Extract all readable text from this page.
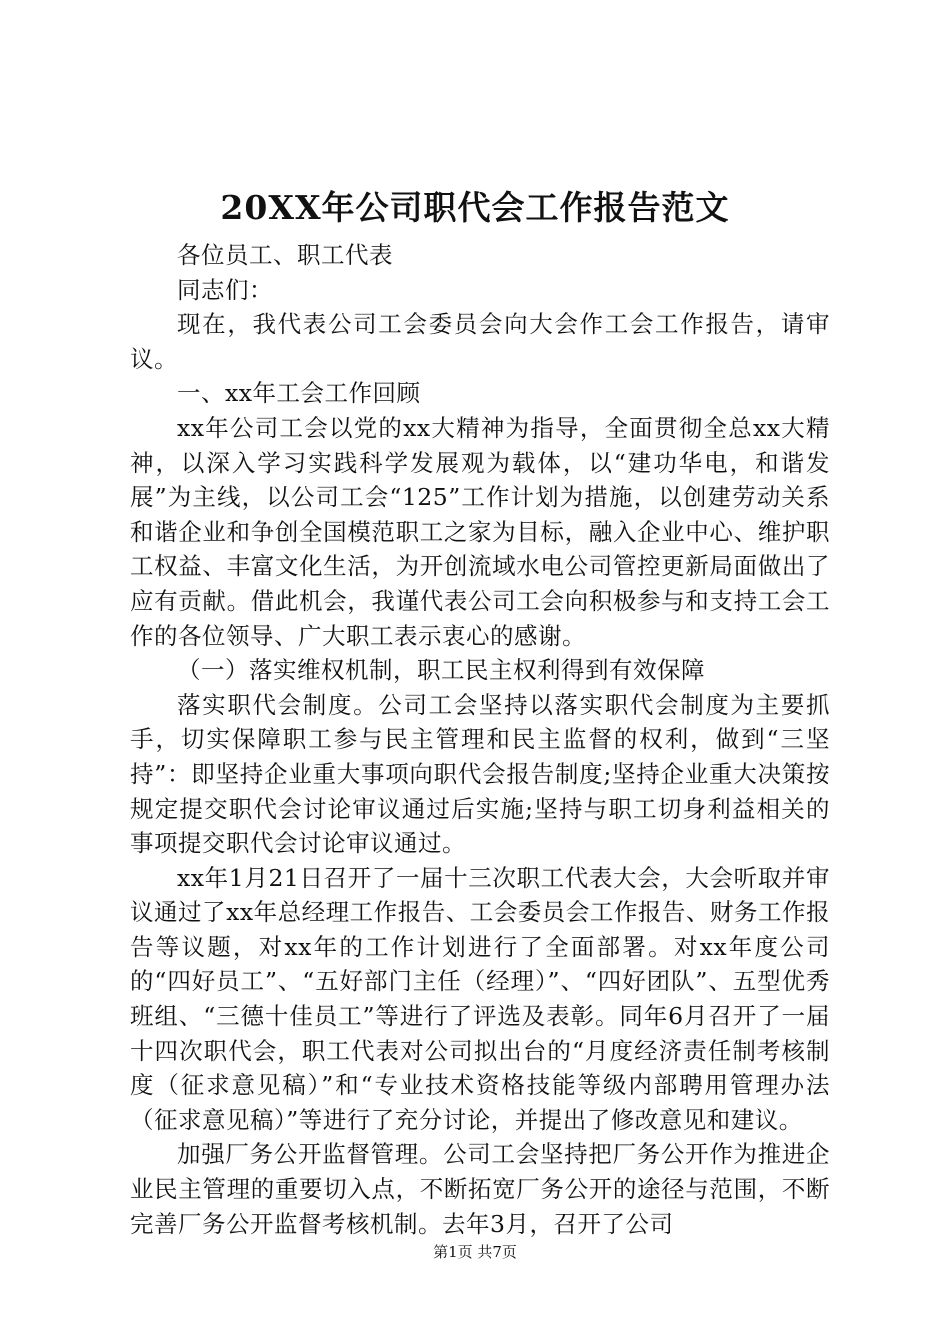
20XX年公司职代会工作报告范文

各位员工、职工代表

同志们：

现在，我代表公司工会委员会向大会作工会工作报告，请审议。

一、xx年工会工作回顾

xx年公司工会以党的xx大精神为指导，全面贯彻全总xx大精神，以深入学习实践科学发展观为载体，以“建功华电，和谐发展”为主线，以公司工会“125”工作计划为措施，以创建劳动关系和谐企业和争创全国模范职工之家为目标，融入企业中心、维护职工权益、丰富文化生活，为开创流域水电公司管控更新局面做出了应有贡献。借此机会，我谨代表公司工会向积极参与和支持工会工作的各位领导、广大职工表示衷心的感谢。

（一）落实维权机制，职工民主权利得到有效保障

落实职代会制度。公司工会坚持以落实职代会制度为主要抓手，切实保障职工参与民主管理和民主监督的权利，做到“三坚持”：即坚持企业重大事项向职代会报告制度;坚持企业重大决策按规定提交职代会讨论审议通过后实施;坚持与职工切身利益相关的事项提交职代会讨论审议通过。

xx年1月21日召开了一届十三次职工代表大会，大会听取并审议通过了xx年总经理工作报告、工会委员会工作报告、财务工作报告等议题，对xx年的工作计划进行了全面部署。对xx年度公司的“四好员工”、“五好部门主任（经理）”、“四好团队”、五型优秀班组、“三德十佳员工”等进行了评选及表彰。同年6月召开了一届十四次职代会，职工代表对公司拟出台的“月度经济责任制考核制度（征求意见稿）”和“专业技术资格技能等级内部聘用管理办法（征求意见稿）”等进行了充分讨论，并提出了修改意见和建议。

加强厂务公开监督管理。公司工会坚持把厂务公开作为推进企业民主管理的重要切入点，不断拓宽厂务公开的途径与范围，不断完善厂务公开监督考核机制。去年3月，召开了公司

第1页 共7页
